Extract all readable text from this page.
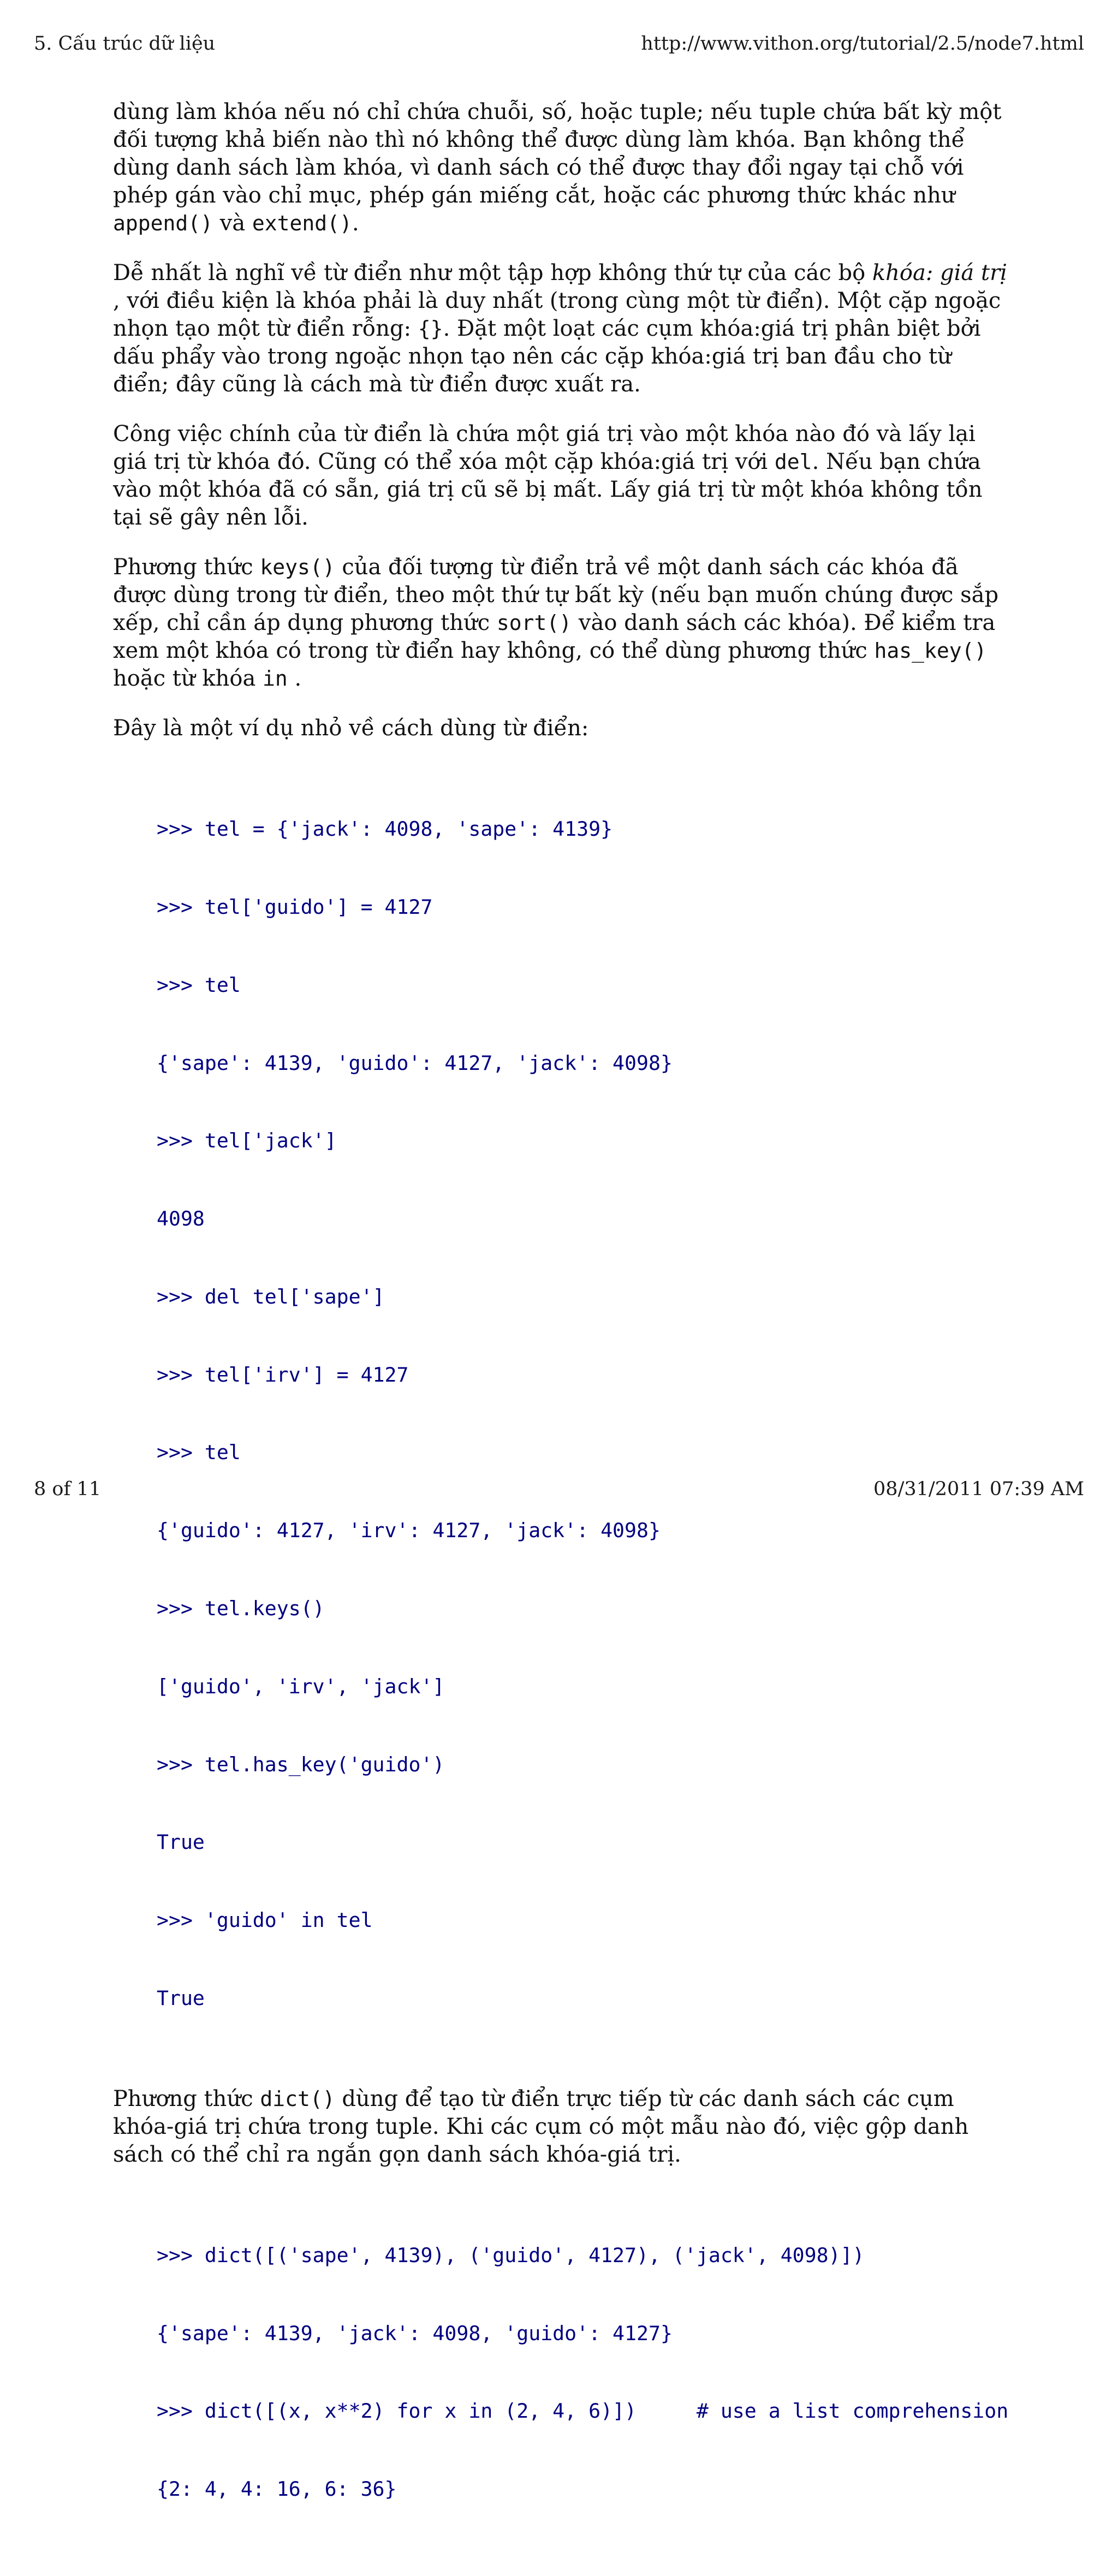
5. Cấu trúc dữ liệu	http://www.vithon.org/tutorial/2.5/node7.html

dùng làm khóa nếu nó chỉ chứa chuỗi, số, hoặc tuple; nếu tuple chứa bất kỳ một đối tượng khả biến nào thì nó không thể được dùng làm khóa. Bạn không thể dùng danh sách làm khóa, vì danh sách có thể được thay đổi ngay tại chỗ với phép gán vào chỉ mục, phép gán miếng cắt, hoặc các phương thức khác như append() và extend().

Dễ nhất là nghĩ về từ điển như một tập hợp không thứ tự của các bộ khóa: giá trị , với điều kiện là khóa phải là duy nhất (trong cùng một từ điển). Một cặp ngoặc nhọn tạo một từ điển rỗng: {}. Đặt một loạt các cụm khóa:giá trị phân biệt bởi dấu phẩy vào trong ngoặc nhọn tạo nên các cặp khóa:giá trị ban đầu cho từ điển; đây cũng là cách mà từ điển được xuất ra.

Công việc chính của từ điển là chứa một giá trị vào một khóa nào đó và lấy lại giá trị từ khóa đó. Cũng có thể xóa một cặp khóa:giá trị với del. Nếu bạn chứa vào một khóa đã có sẵn, giá trị cũ sẽ bị mất. Lấy giá trị từ một khóa không tồn tại sẽ gây nên lỗi.

Phương thức keys() của đối tượng từ điển trả về một danh sách các khóa đã được dùng trong từ điển, theo một thứ tự bất kỳ (nếu bạn muốn chúng được sắp xếp, chỉ cần áp dụng phương thức sort() vào danh sách các khóa). Để kiểm tra xem một khóa có trong từ điển hay không, có thể dùng phương thức has_key() hoặc từ khóa in .

Đây là một ví dụ nhỏ về cách dùng từ điển:

>>> tel = {'jack': 4098, 'sape': 4139}

>>> tel['guido'] = 4127

>>> tel

{'sape': 4139, 'guido': 4127, 'jack': 4098}

>>> tel['jack']

4098

>>> del tel['sape']

>>> tel['irv'] = 4127

>>> tel

{'guido': 4127, 'irv': 4127, 'jack': 4098}

>>> tel.keys()

['guido', 'irv', 'jack']

>>> tel.has_key('guido')

True

>>> 'guido' in tel

True

Phương thức dict() dùng để tạo từ điển trực tiếp từ các danh sách các cụm khóa-giá trị chứa trong tuple. Khi các cụm có một mẫu nào đó, việc gộp danh sách có thể chỉ ra ngắn gọn danh sách khóa-giá trị.

>>> dict([('sape', 4139), ('guido', 4127), ('jack', 4098)])

{'sape': 4139, 'jack': 4098, 'guido': 4127}

>>> dict([(x, x**2) for x in (2, 4, 6)])     # use a list comprehension

{2: 4, 4: 16, 6: 36}

8 of 11	08/31/2011 07:39 AM
